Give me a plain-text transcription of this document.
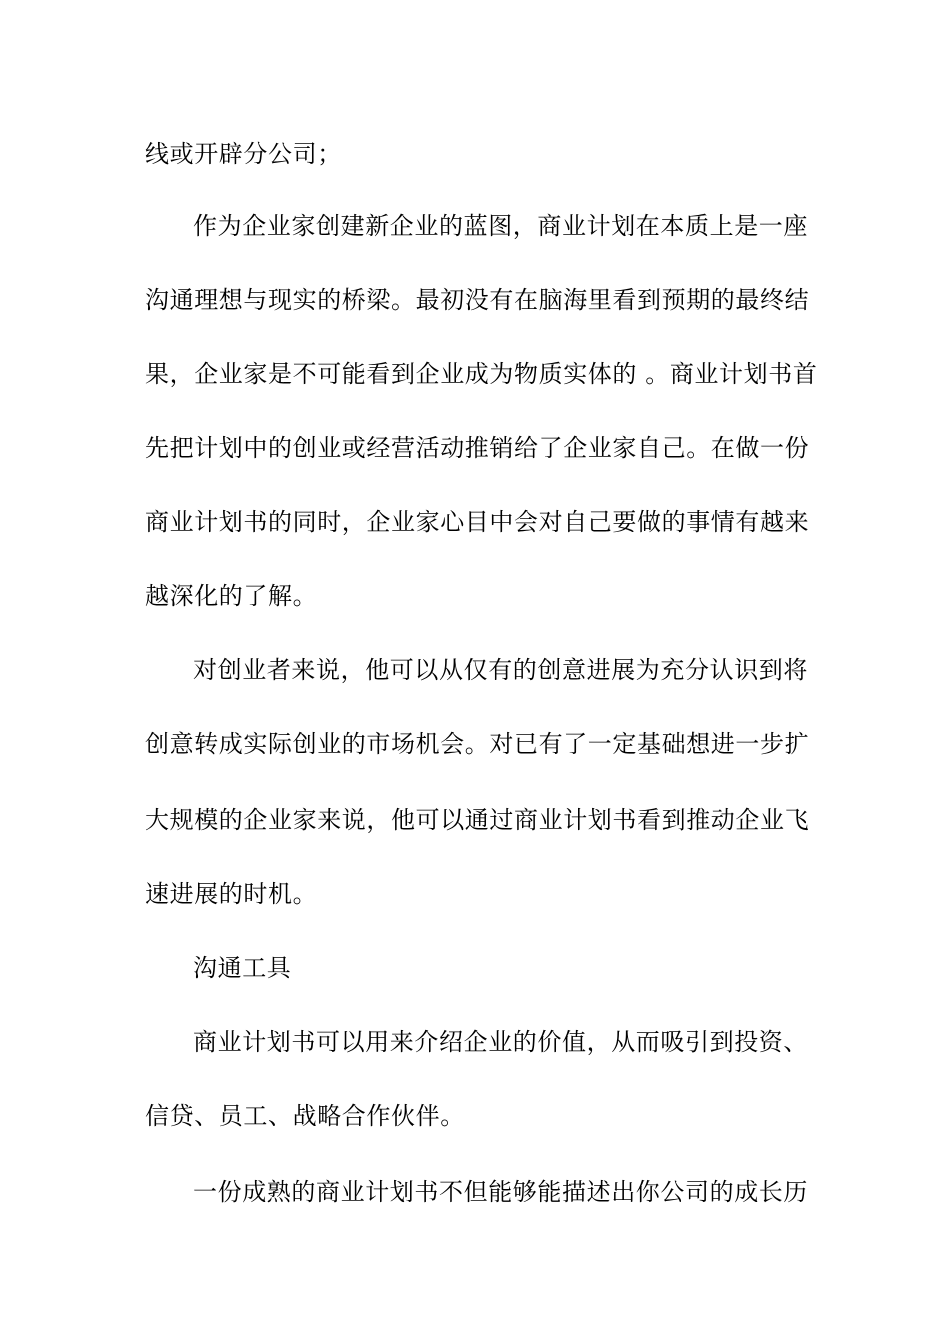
线或开辟分公司；
作为企业家创建新企业的蓝图，商业计划在本质上是一座
沟通理想与现实的桥梁。最初没有在脑海里看到预期的最终结
果，企业家是不可能看到企业成为物质实体的 。商业计划书首
先把计划中的创业或经营活动推销给了企业家自己。在做一份
商业计划书的同时，企业家心目中会对自己要做的事情有越来
越深化的了解。
对创业者来说，他可以从仅有的创意进展为充分认识到将
创意转成实际创业的市场机会。对已有了一定基础想进一步扩
大规模的企业家来说，他可以通过商业计划书看到推动企业飞
速进展的时机。
沟通工具
商业计划书可以用来介绍企业的价值，从而吸引到投资、
信贷、员工、战略合作伙伴。
一份成熟的商业计划书不但能够能描述出你公司的成长历
